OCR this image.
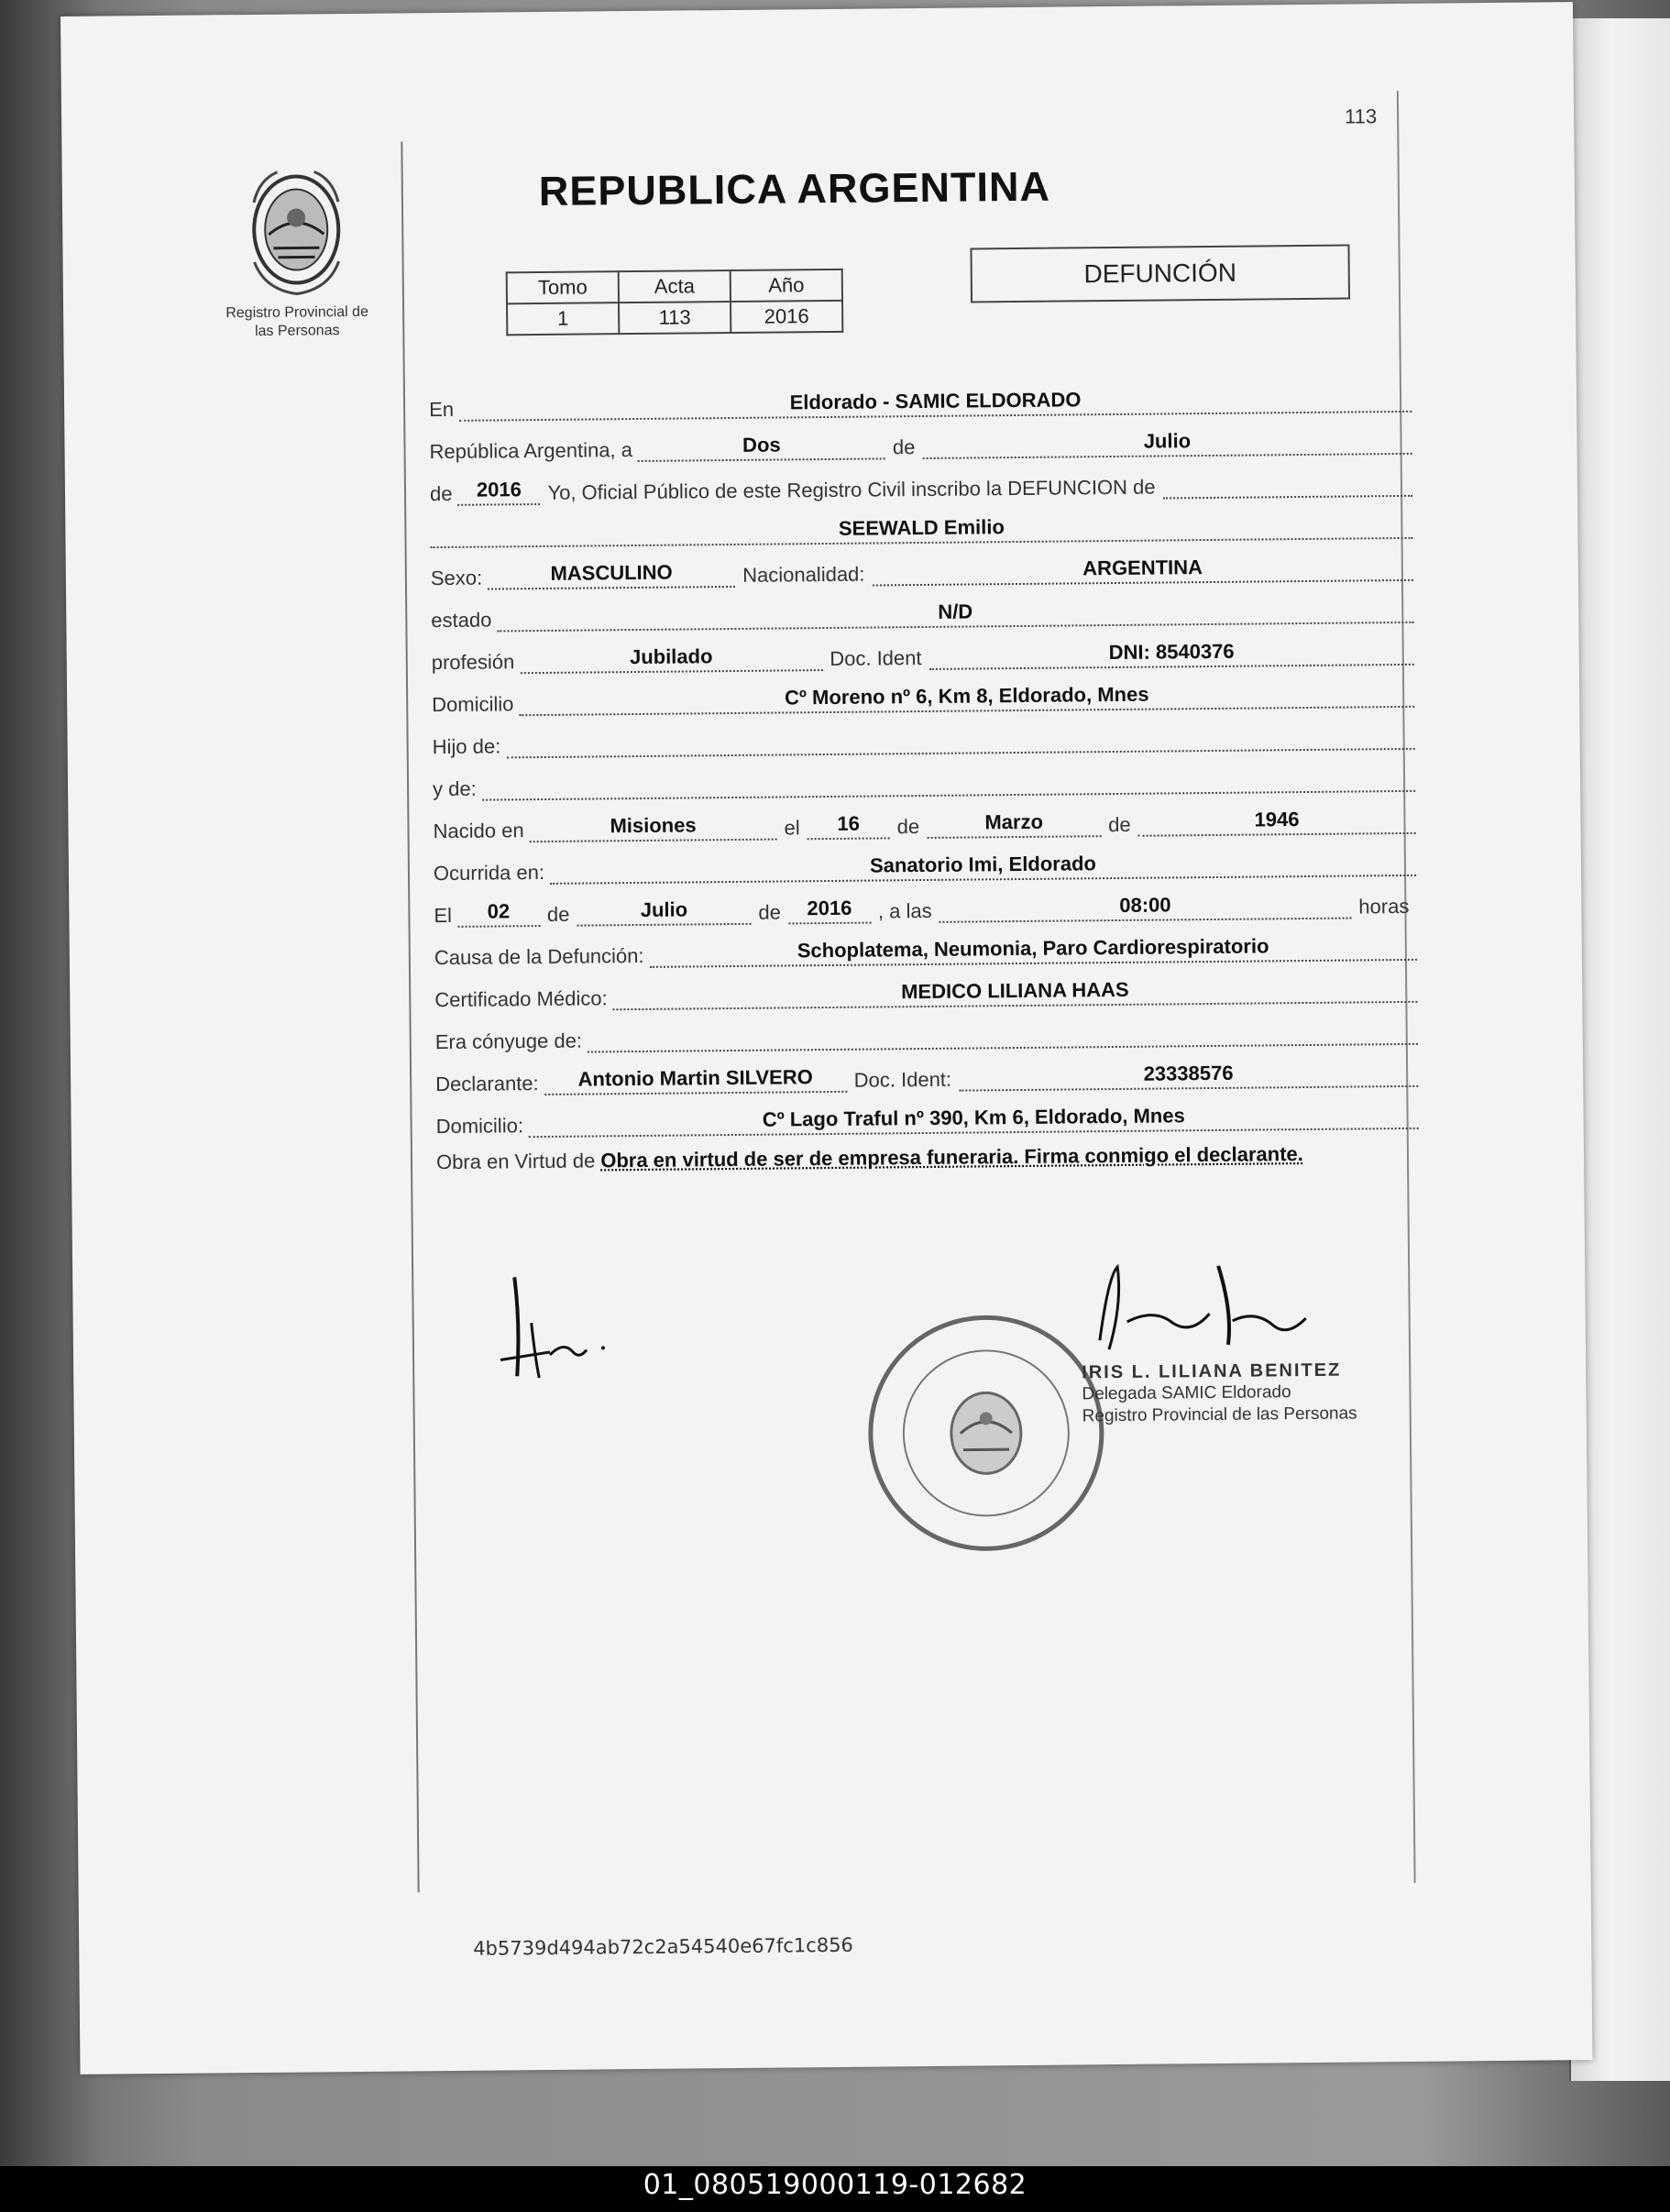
113
Registro Provincial de
las Personas
REPUBLICA ARGENTINA
Tomo	Acta	Año
1	113	2016
DEFUNCIÓN
En	Eldorado - SAMIC ELDORADO
República Argentina, a	Dos	de	Julio
de	2016	Yo, Oficial Público de este Registro Civil inscribo la DEFUNCION de
SEEWALD Emilio
Sexo:	MASCULINO	Nacionalidad:	ARGENTINA
estado	N/D
profesión	Jubilado	Doc. Ident	DNI: 8540376
Domicilio	Cº Moreno nº 6, Km 8, Eldorado, Mnes
Hijo de:
y de:
Nacido en	Misiones	el	16	de	Marzo	de	1946
Ocurrida en:	Sanatorio Imi, Eldorado
El	02	de	Julio	de	2016	, a las	08:00	horas
Causa de la Defunción:	Schoplatema, Neumonia, Paro Cardiorespiratorio
Certificado Médico:	MEDICO LILIANA HAAS
Era cónyuge de:
Declarante:	Antonio Martin SILVERO	Doc. Ident:	23338576
Domicilio:	Cº Lago Traful nº 390, Km 6, Eldorado, Mnes
Obra en Virtud de Obra en virtud de ser de empresa funeraria. Firma conmigo el declarante.
IRIS L. LILIANA BENITEZ
Delegada SAMIC Eldorado
Registro Provincial de las Personas
4b5739d494ab72c2a54540e67fc1c856
01_080519000119-012682
